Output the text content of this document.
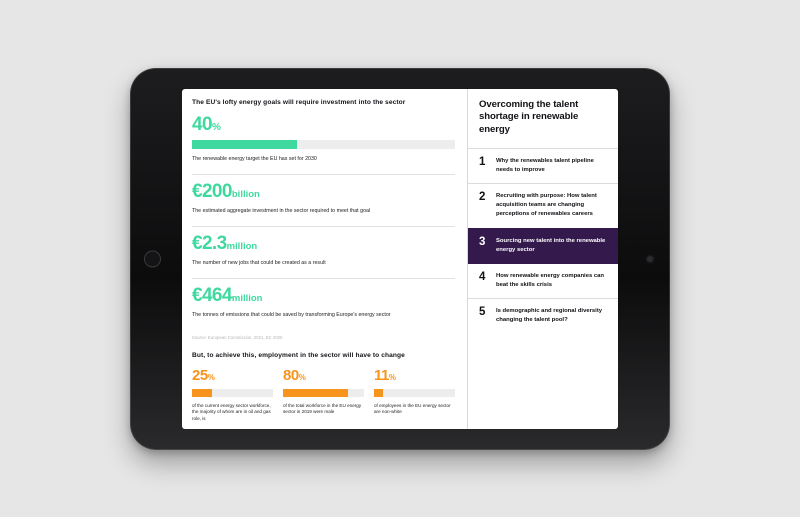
The EU's lofty energy goals will require investment into the sector
40%
The renewable energy target the EU has set for 2030
€200billion
The estimated aggregate investment in the sector required to meet that goal
€2.3million
The number of new jobs that could be created as a result
€464million
The tonnes of emissions that could be saved by transforming Europe's energy sector
Source: European Commission, 2021, EC 2020
But, to achieve this, employment in the sector will have to change
25%
of the current energy sector workforce, the majority of whom are in oil and gas role, is
80%
of the total workforce in the EU energy sector in 2019 were male
11%
of employees in the EU energy sector are non-white
Overcoming the talent shortage in renewable energy
1	Why the renewables talent pipeline needs to improve
2	Recruiting with purpose: How talent acquisition teams are changing perceptions of renewables careers
3	Sourcing new talent into the renewable energy sector
4	How renewable energy companies can beat the skills crisis
5	Is demographic and regional diversity changing the talent pool?
